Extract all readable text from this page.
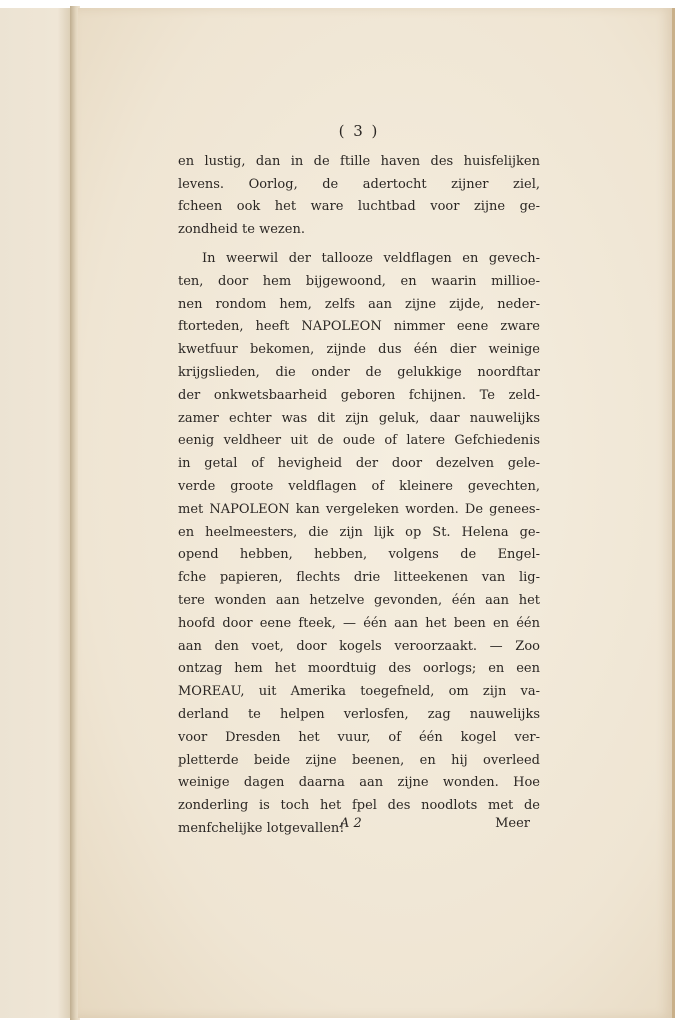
( 3 )
en lustig, dan in de ftille haven des huisfelijken
levens. Oorlog, de adertocht zijner ziel,
fcheen ook het ware luchtbad voor zijne ge-
zondheid te wezen.
In weerwil der tallooze veldflagen en gevech-
ten, door hem bijgewoond, en waarin millioe-
nen rondom hem, zelfs aan zijne zijde, neder-
ftorteden, heeft NAPOLEON nimmer eene zware
kwetfuur bekomen, zijnde dus één dier weinige
krijgslieden, die onder de gelukkige noordftar
der onkwetsbaarheid geboren fchijnen. Te zeld-
zamer echter was dit zijn geluk, daar nauwelijks
eenig veldheer uit de oude of latere Gefchiedenis
in getal of hevigheid der door dezelven gele-
verde groote veldflagen of kleinere gevechten,
met NAPOLEON kan vergeleken worden. De genees-
en heelmeesters, die zijn lijk op St. Helena ge-
opend hebben, hebben, volgens de Engel-
fche papieren, flechts drie litteekenen van lig-
tere wonden aan hetzelve gevonden, één aan het
hoofd door eene fteek, — één aan het been en één
aan den voet, door kogels veroorzaakt. — Zoo
ontzag hem het moordtuig des oorlogs; en een
MOREAU, uit Amerika toegefneld, om zijn va-
derland te helpen verlosfen, zag nauwelijks
voor Dresden het vuur, of één kogel ver-
pletterde beide zijne beenen, en hij overleed
weinige dagen daarna aan zijne wonden. Hoe
zonderling is toch het fpel des noodlots met de
menfchelijke lotgevallen!
A 2	Meer
